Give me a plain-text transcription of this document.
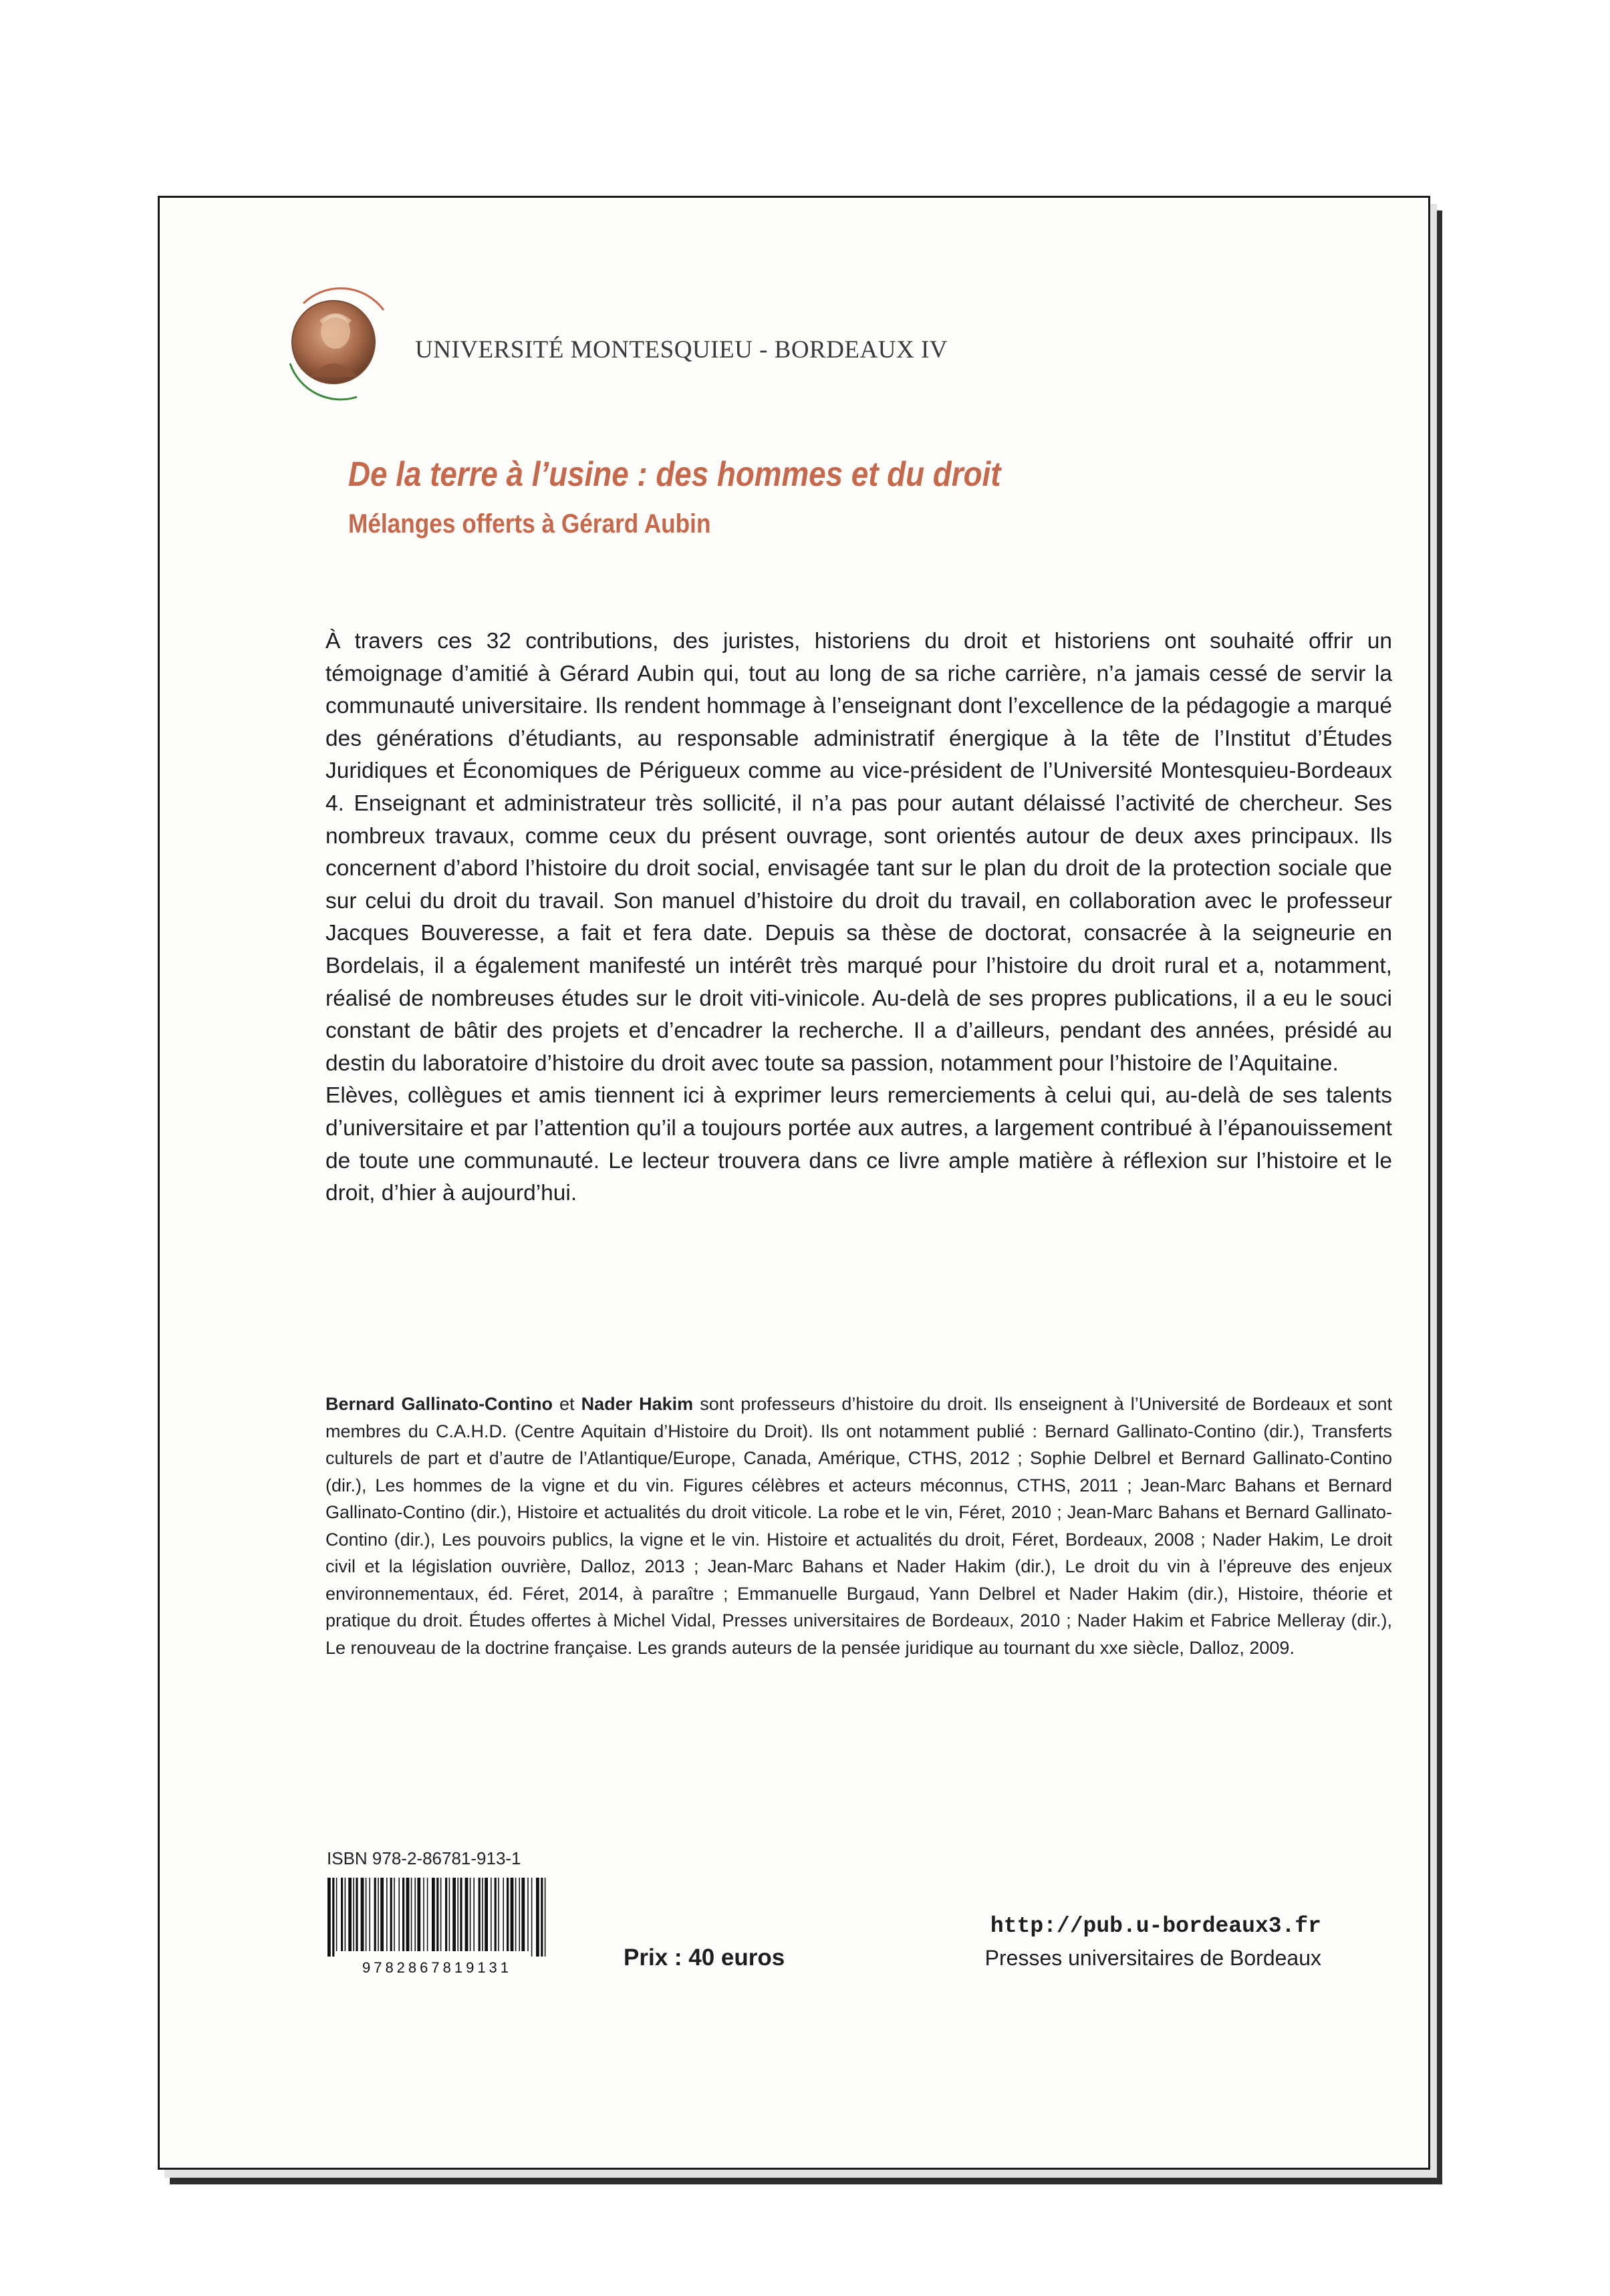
UNIVERSITÉ MONTESQUIEU - BORDEAUX IV
De la terre à l’usine : des hommes et du droit
Mélanges offerts à Gérard Aubin

À travers ces 32 contributions, des juristes, historiens du droit et historiens ont souhaité offrir un témoignage d’amitié à Gérard Aubin qui, tout au long de sa riche carrière, n’a jamais cessé de servir la communauté universitaire. Ils rendent hommage à l’enseignant dont l’excellence de la pédagogie a marqué des générations d’étudiants, au responsable administratif énergique à la tête de l’Institut d’Études Juridiques et Économiques de Périgueux comme au vice-président de l’Université Montesquieu-Bordeaux 4. Enseignant et administrateur très sollicité, il n’a pas pour autant délaissé l’activité de chercheur. Ses nombreux travaux, comme ceux du présent ouvrage, sont orientés autour de deux axes principaux. Ils concernent d’abord l’histoire du droit social, envisagée tant sur le plan du droit de la protection sociale que sur celui du droit du travail. Son manuel d’histoire du droit du travail, en collaboration avec le professeur Jacques Bouveresse, a fait et fera date. Depuis sa thèse de doctorat, consacrée à la seigneurie en Bordelais, il a également manifesté un intérêt très marqué pour l’histoire du droit rural et a, notamment, réalisé de nombreuses études sur le droit viti-vinicole. Au-delà de ses propres publications, il a eu le souci constant de bâtir des projets et d’encadrer la recherche. Il a d’ailleurs, pendant des années, présidé au destin du laboratoire d’histoire du droit avec toute sa passion, notamment pour l’histoire de l’Aquitaine.

Elèves, collègues et amis tiennent ici à exprimer leurs remerciements à celui qui, au-delà de ses talents d’universitaire et par l’attention qu’il a toujours portée aux autres, a largement contribué à l’épanouissement de toute une communauté. Le lecteur trouvera dans ce livre ample matière à réflexion sur l’histoire et le droit, d’hier à aujourd’hui.

Bernard Gallinato-Contino et Nader Hakim sont professeurs d’histoire du droit. Ils enseignent à l’Université de Bordeaux et sont membres du C.A.H.D. (Centre Aquitain d’Histoire du Droit). Ils ont notamment publié : Bernard Gallinato-Contino (dir.), Transferts culturels de part et d’autre de l’Atlantique/Europe, Canada, Amérique, CTHS, 2012 ; Sophie Delbrel et Bernard Gallinato-Contino (dir.), Les hommes de la vigne et du vin. Figures célèbres et acteurs méconnus, CTHS, 2011 ; Jean-Marc Bahans et Bernard Gallinato-Contino (dir.), Histoire et actualités du droit viticole. La robe et le vin, Féret, 2010 ; Jean-Marc Bahans et Bernard Gallinato-Contino (dir.), Les pouvoirs publics, la vigne et le vin. Histoire et actualités du droit, Féret, Bordeaux, 2008 ; Nader Hakim, Le droit civil et la législation ouvrière, Dalloz, 2013 ; Jean-Marc Bahans et Nader Hakim (dir.), Le droit du vin à l’épreuve des enjeux environnementaux, éd. Féret, 2014, à paraître ; Emmanuelle Burgaud, Yann Delbrel et Nader Hakim (dir.), Histoire, théorie et pratique du droit. Études offertes à Michel Vidal, Presses universitaires de Bordeaux, 2010 ; Nader Hakim et Fabrice Melleray (dir.), Le renouveau de la doctrine française. Les grands auteurs de la pensée juridique au tournant du xxe siècle, Dalloz, 2009.
ISBN 978-2-86781-913-1
9782867819131	Prix : 40 euros
http://pub.u-bordeaux3.fr
Presses universitaires de Bordeaux
